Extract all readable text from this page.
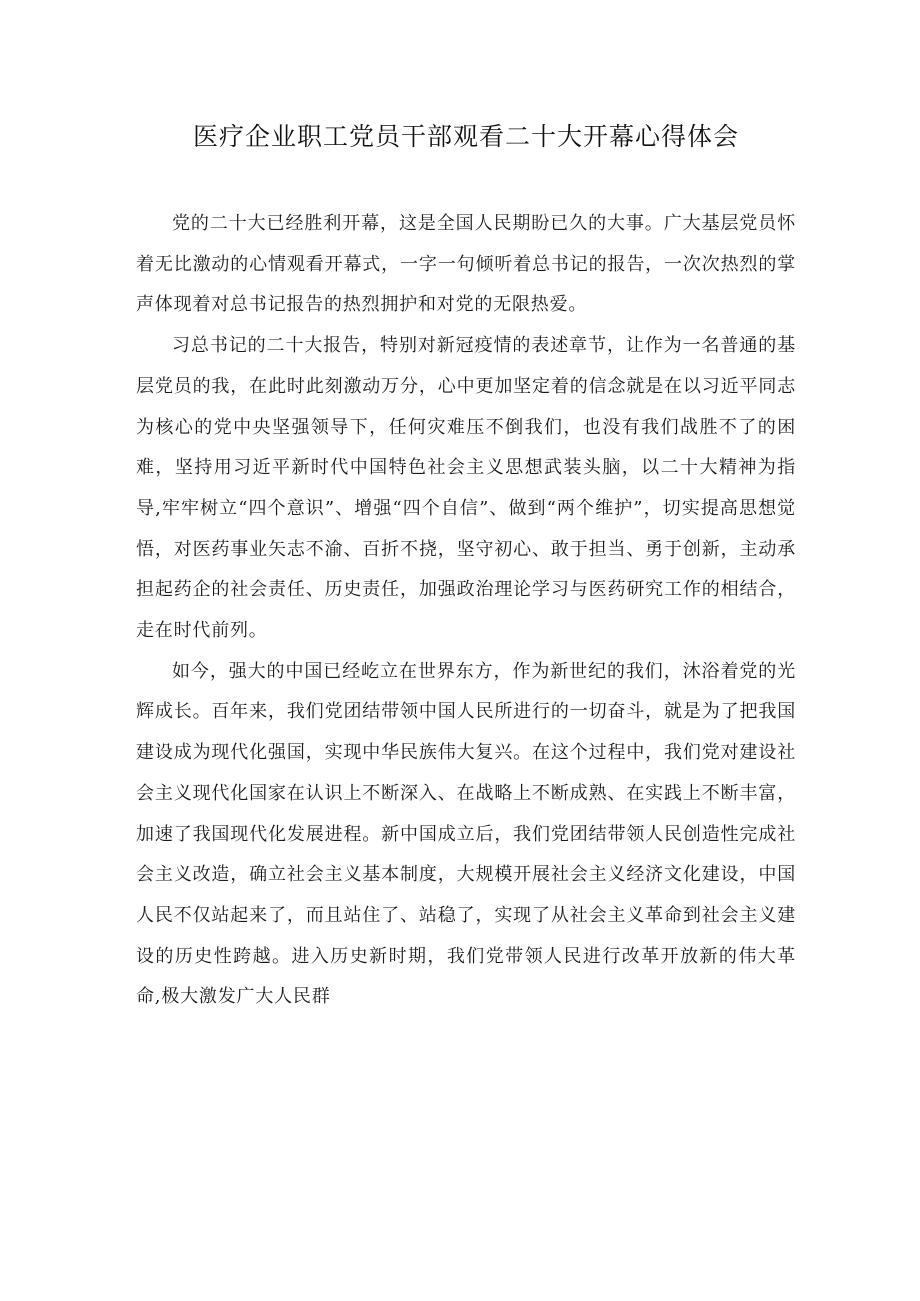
医疗企业职工党员干部观看二十大开幕心得体会

党的二十大已经胜利开幕，这是全国人民期盼已久的大事。广大基层党员怀着无比激动的心情观看开幕式，一字一句倾听着总书记的报告，一次次热烈的掌声体现着对总书记报告的热烈拥护和对党的无限热爱。

习总书记的二十大报告，特别对新冠疫情的表述章节，让作为一名普通的基层党员的我，在此时此刻激动万分，心中更加坚定着的信念就是在以习近平同志为核心的党中央坚强领导下，任何灾难压不倒我们，也没有我们战胜不了的困难，坚持用习近平新时代中国特色社会主义思想武装头脑，以二十大精神为指导,牢牢树立“四个意识”、增强“四个自信”、做到“两个维护”，切实提高思想觉悟，对医药事业矢志不渝、百折不挠，坚守初心、敢于担当、勇于创新，主动承担起药企的社会责任、历史责任，加强政治理论学习与医药研究工作的相结合，走在时代前列。

如今，强大的中国已经屹立在世界东方，作为新世纪的我们，沐浴着党的光辉成长。百年来，我们党团结带领中国人民所进行的一切奋斗，就是为了把我国建设成为现代化强国，实现中华民族伟大复兴。在这个过程中，我们党对建设社会主义现代化国家在认识上不断深入、在战略上不断成熟、在实践上不断丰富，加速了我国现代化发展进程。新中国成立后，我们党团结带领人民创造性完成社会主义改造，确立社会主义基本制度，大规模开展社会主义经济文化建设，中国人民不仅站起来了，而且站住了、站稳了，实现了从社会主义革命到社会主义建设的历史性跨越。进入历史新时期，我们党带领人民进行改革开放新的伟大革命,极大激发广大人民群
